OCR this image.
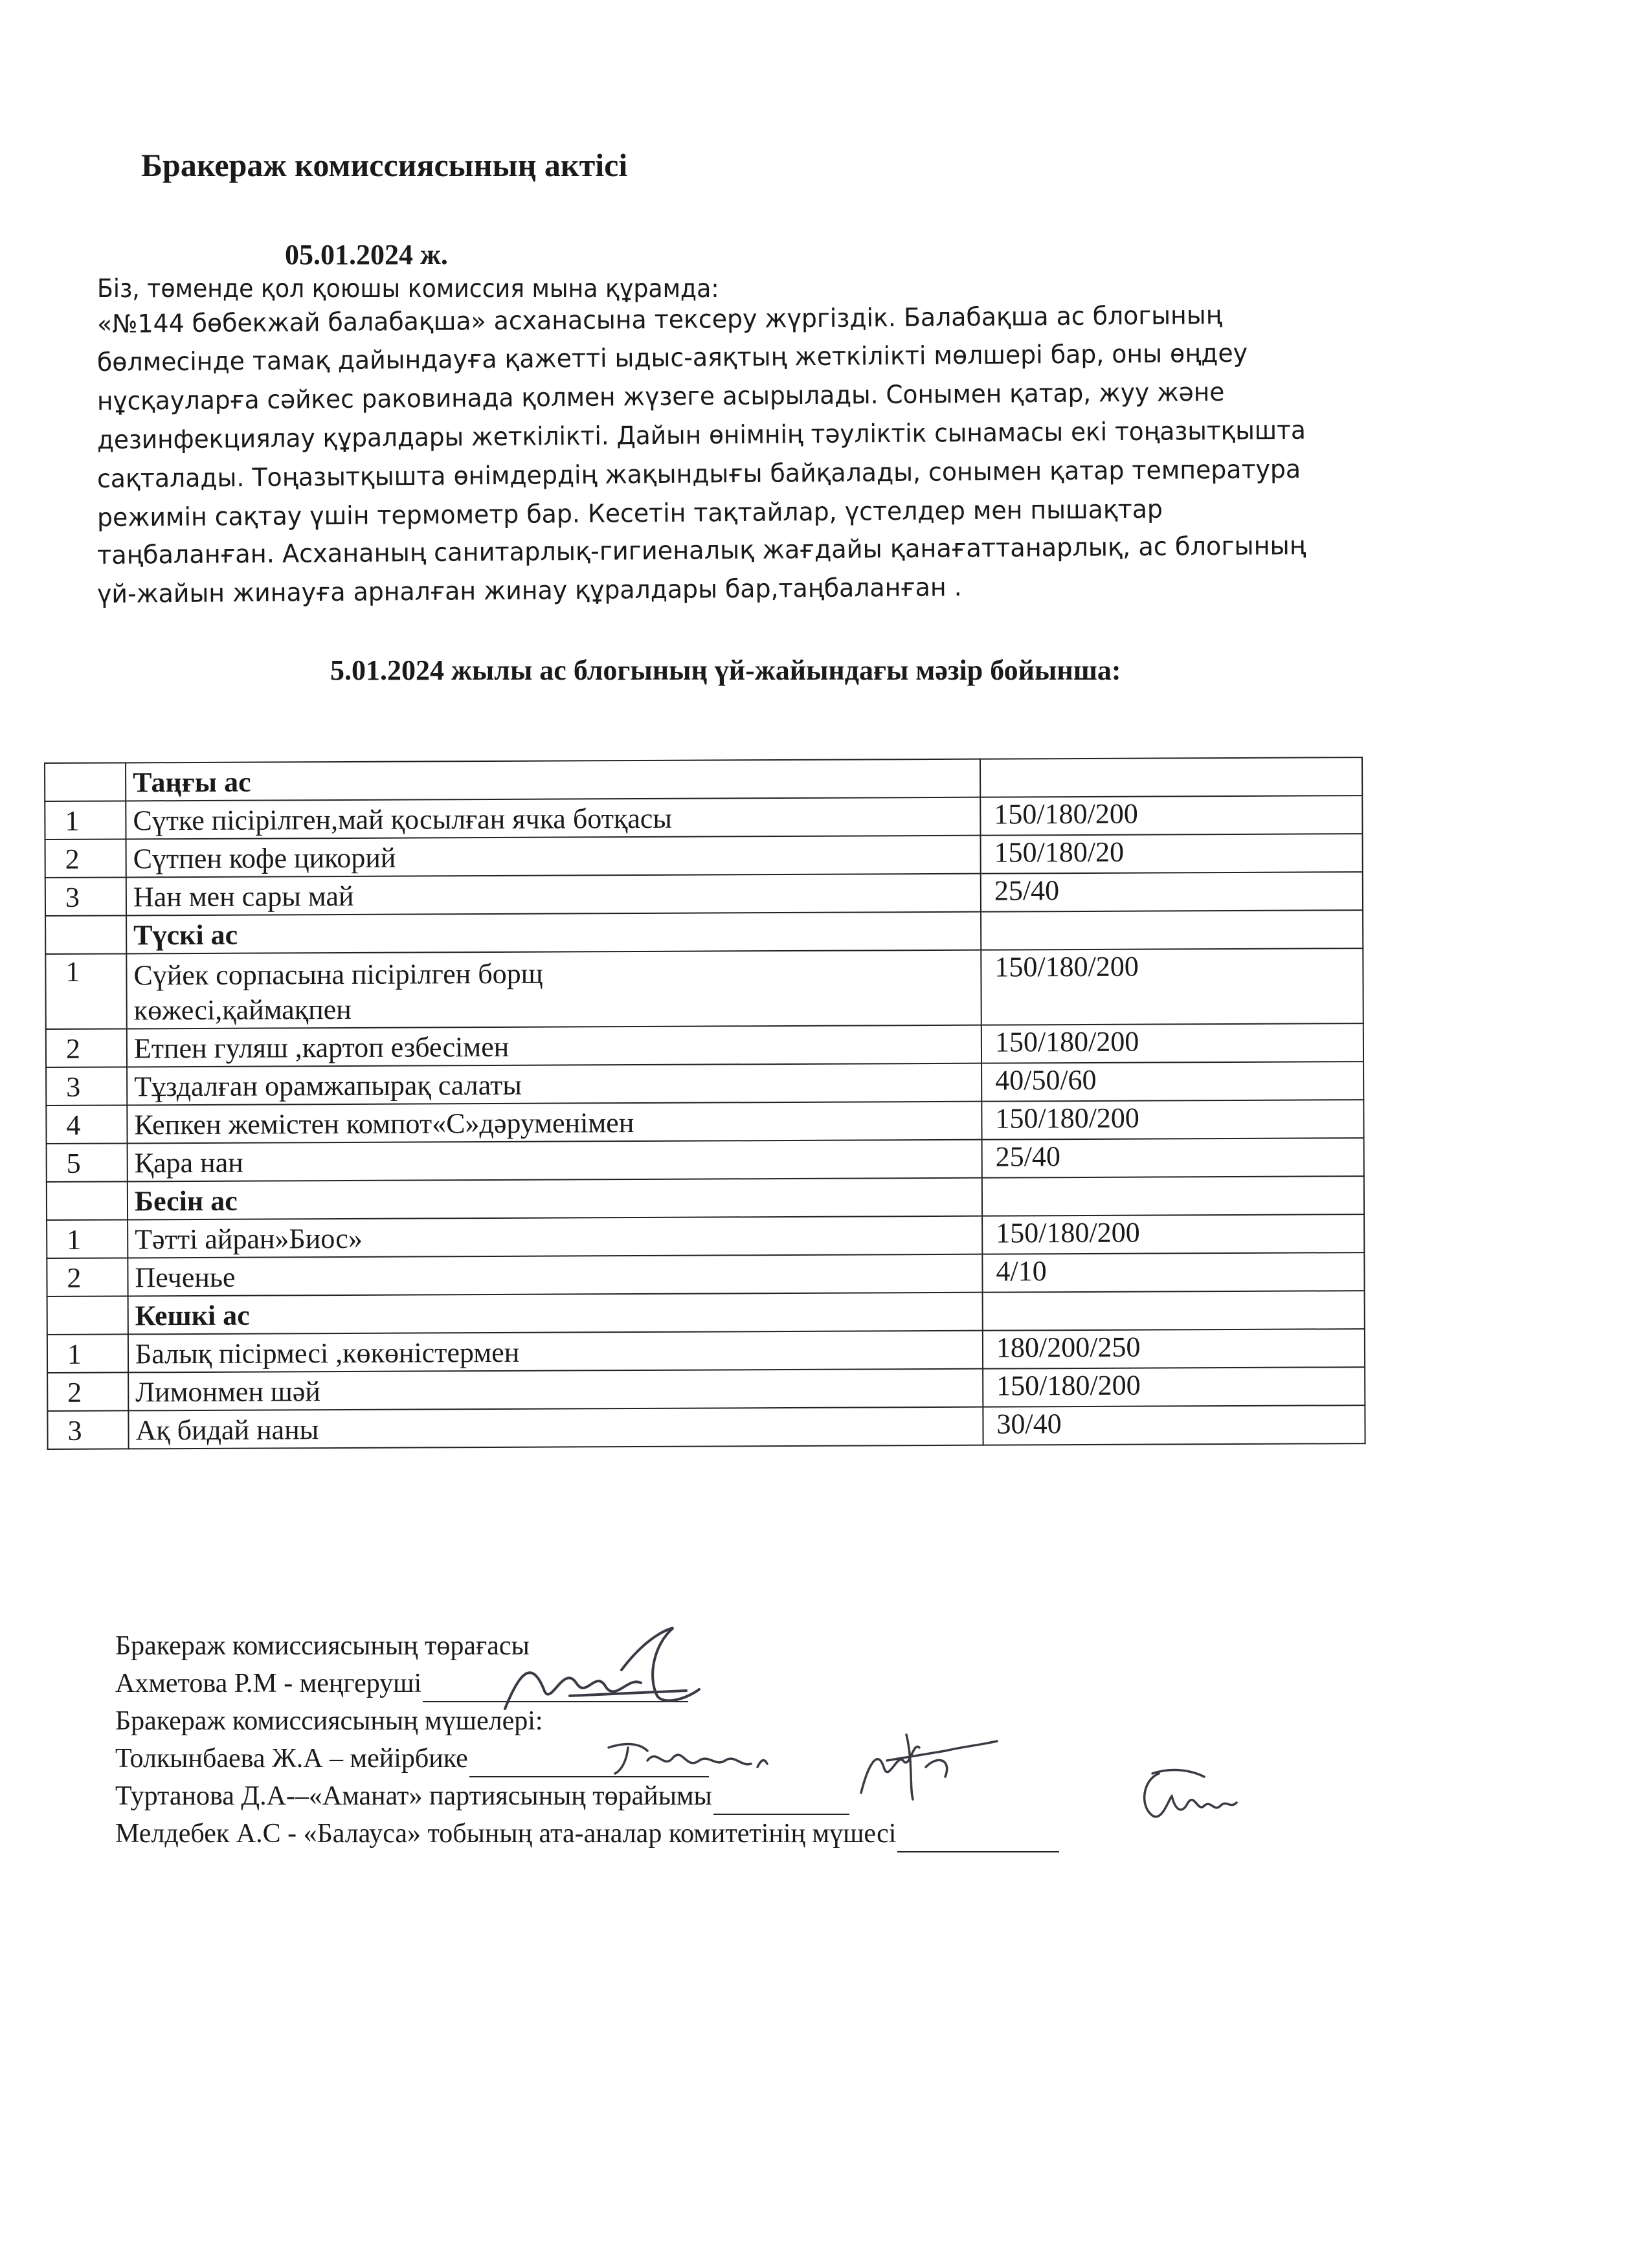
Бракераж комиссиясының актісі
05.01.2024 ж.
Біз, төменде қол қоюшы комиссия мына құрамда:
«№144 бөбекжай балабақша» асханасына тексеру жүргіздік. Балабақша ас блогының
бөлмесінде тамақ дайындауға қажетті ыдыс-аяқтың жеткілікті мөлшері бар, оны өңдеу
нұсқауларға сәйкес раковинада қолмен жүзеге асырылады. Сонымен қатар, жуу және
дезинфекциялау құралдары жеткілікті. Дайын өнімнің тәуліктік сынамасы екі тоңазытқышта
сақталады. Тоңазытқышта өнімдердің жақындығы байқалады, сонымен қатар температура
режимін сақтау үшін термометр бар. Кесетін тақтайлар, үстелдер мен пышақтар
таңбаланған. Асхананың санитарлық-гигиеналық жағдайы қанағаттанарлық, ас блогының
үй-жайын жинауға арналған жинау құралдары бар,таңбаланған .
5.01.2024 жылы ас блогының үй-жайындағы мәзір бойынша:
	Таңғы ас	
1	Сүтке пісірілген,май қосылған ячка ботқасы	150/180/200
2	Сүтпен кофе цикорий	150/180/20
3	Нан мен сары май	25/40
	Түскі ас	
1	Сүйек сорпасына пісірілген борщ көжесі,қаймақпен	150/180/200
2	Етпен гуляш ,картоп езбесімен	150/180/200
3	Тұздалған орамжапырақ салаты	40/50/60
4	Кепкен жемістен компот«С»дәруменімен	150/180/200
5	Қара нан	25/40
	Бесін ас	
1	Тәтті айран»Биос»	150/180/200
2	Печенье	4/10
	Кешкі ас	
1	Балық пісірмесі ,көкөністермен	180/200/250
2	Лимонмен шәй	150/180/200
3	Ақ бидай наны	30/40
Бракераж комиссиясының төрағасы
Ахметова Р.М - меңгеруші
Бракераж комиссиясының мүшелері:
Толкынбаева Ж.А – мейірбике
Туртанова Д.А-–«Аманат» партиясының төрайымы
Мелдебек А.С - «Балауса» тобының ата-аналар комитетінің мүшесі
